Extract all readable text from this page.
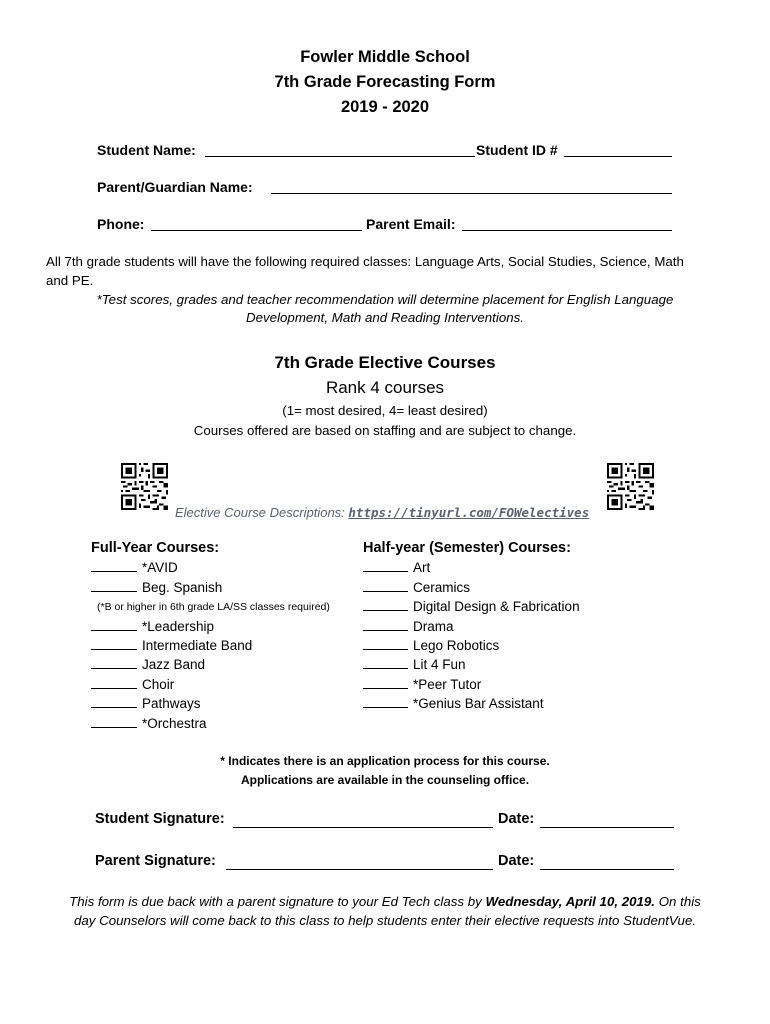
Fowler Middle School
7th Grade Forecasting Form
2019 - 2020
Student Name:	Student ID #
Parent/Guardian Name:
Phone:	Parent Email:
All 7th grade students will have the following required classes: Language Arts, Social Studies, Science, Math
and PE.
*Test scores, grades and teacher recommendation will determine placement for English Language
Development, Math and Reading Interventions.
7th Grade Elective Courses
Rank 4 courses
(1= most desired, 4= least desired)
Courses offered are based on staffing and are subject to change.
Elective Course Descriptions: https://tinyurl.com/FOWelectives
Full-Year Courses:
*AVID
Beg. Spanish
(*B or higher in 6th grade LA/SS classes required)
*Leadership
Intermediate Band
Jazz Band
Choir
Pathways
*Orchestra
Half-year (Semester) Courses:
Art
Ceramics
Digital Design & Fabrication
Drama
Lego Robotics
Lit 4 Fun
*Peer Tutor
*Genius Bar Assistant
* Indicates there is an application process for this course.
Applications are available in the counseling office.
Student Signature:	Date:
Parent Signature:	Date:
This form is due back with a parent signature to your Ed Tech class by Wednesday, April 10, 2019. On this
day Counselors will come back to this class to help students enter their elective requests into StudentVue.
